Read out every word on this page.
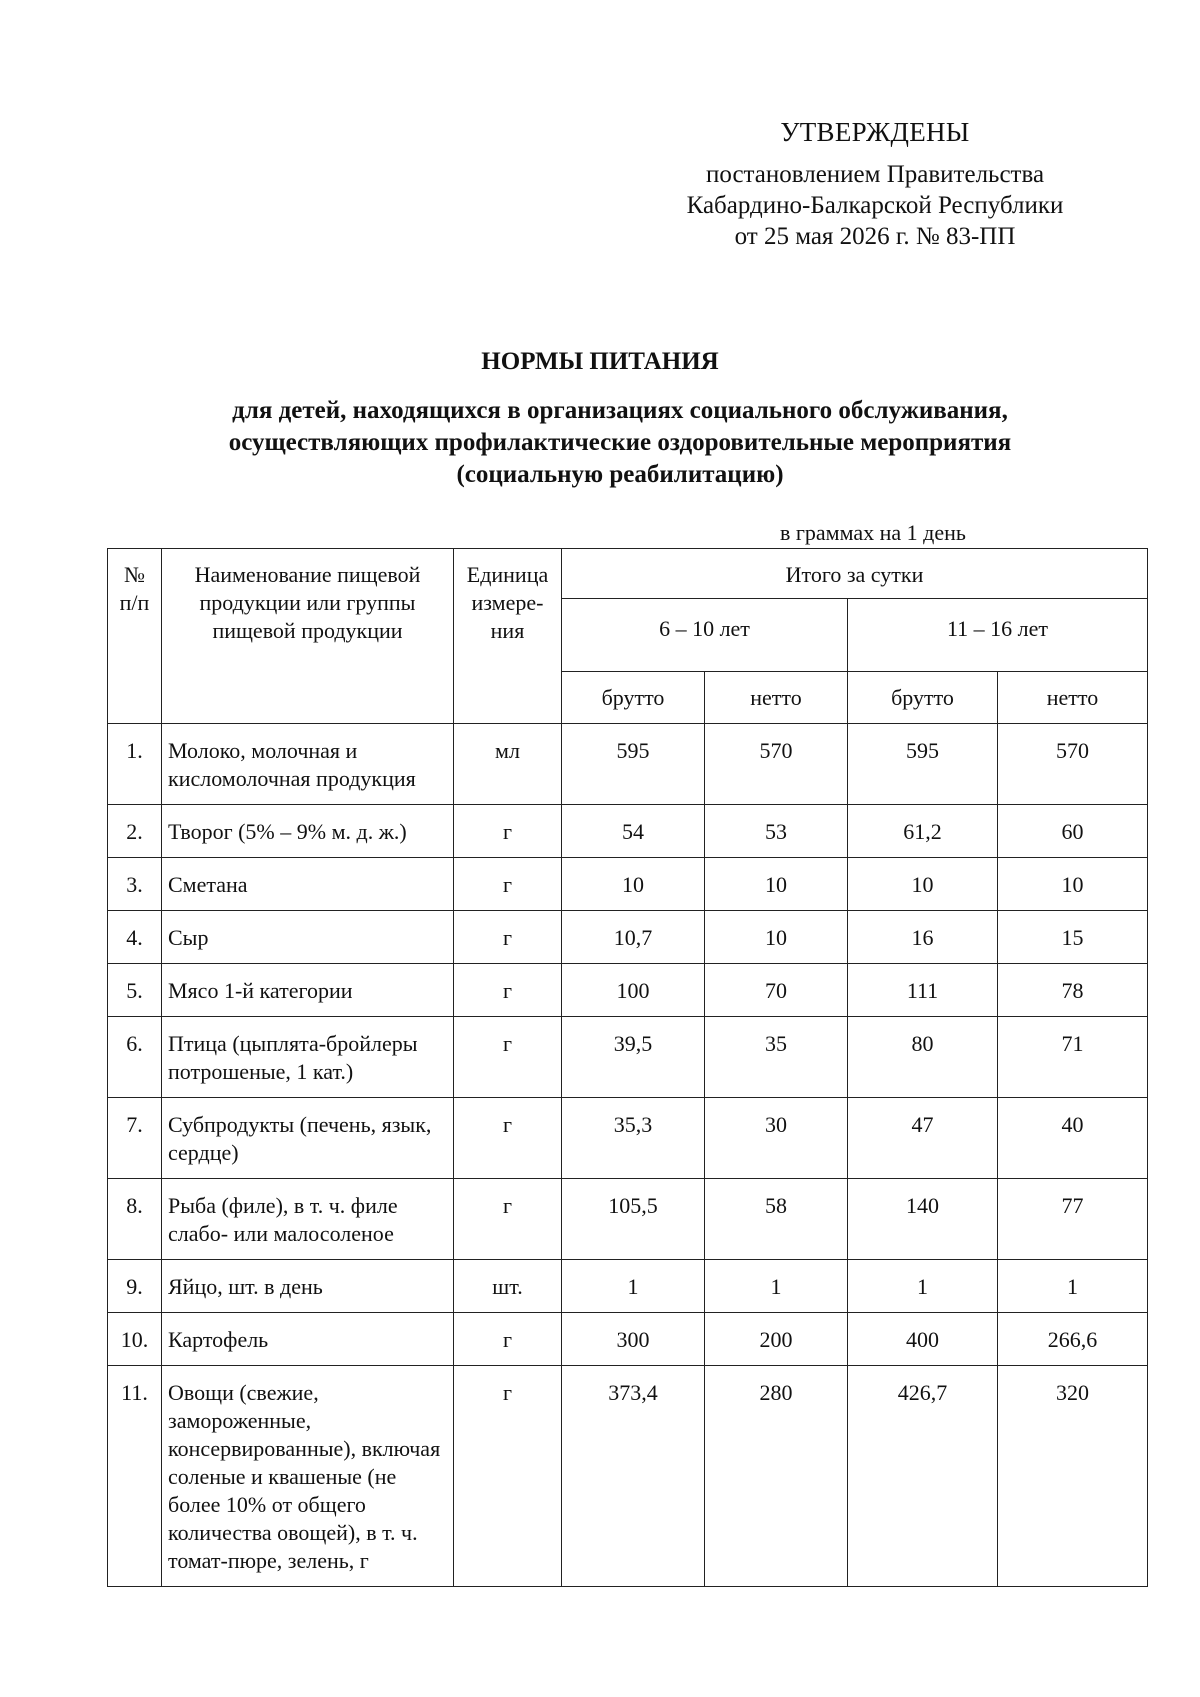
УТВЕРЖДЕНЫ
постановлением Правительства
Кабардино-Балкарской Республики
от 25 мая 2026 г. № 83-ПП
НОРМЫ ПИТАНИЯ
для детей, находящихся в организациях социального обслуживания,
осуществляющих профилактические оздоровительные мероприятия
(социальную реабилитацию)
в граммах на 1 день
№ п/п	Наименование пищевой продукции или группы пищевой продукции	Единица измере-ния	Итого за сутки			
			6 – 10 лет		11 – 16 лет	
			брутто	нетто	брутто	нетто
1.	Молоко, молочная и кисломолочная продукция	мл	595	570	595	570
2.	Творог (5% – 9% м. д. ж.)	г	54	53	61,2	60
3.	Сметана	г	10	10	10	10
4.	Сыр	г	10,7	10	16	15
5.	Мясо 1-й категории	г	100	70	111	78
6.	Птица (цыплята-бройлеры потрошеные, 1 кат.)	г	39,5	35	80	71
7.	Субпродукты (печень, язык, сердце)	г	35,3	30	47	40
8.	Рыба (филе), в т. ч. филе слабо- или малосоленое	г	105,5	58	140	77
9.	Яйцо, шт. в день	шт.	1	1	1	1
10.	Картофель	г	300	200	400	266,6
11.	Овощи (свежие, замороженные, консервированные), включая соленые и квашеные (не более 10% от общего количества овощей), в т. ч. томат-пюре, зелень, г	г	373,4	280	426,7	320
